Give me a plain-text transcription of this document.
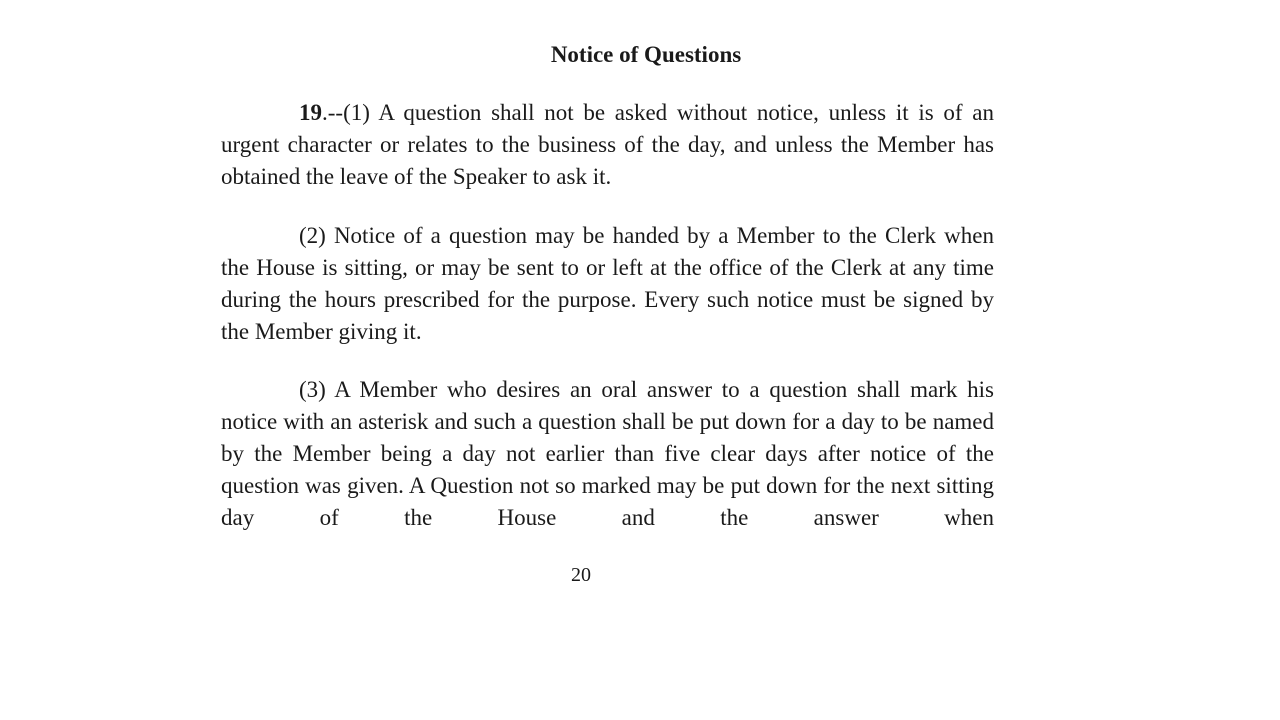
Notice of Questions

19.--(1) A question shall not be asked without notice, unless it is of an urgent character or relates to the business of the day, and unless the Member has obtained the leave of the Speaker to ask it.

(2) Notice of a question may be handed by a Member to the Clerk when the House is sitting, or may be sent to or left at the office of the Clerk at any time during the hours prescribed for the purpose. Every such notice must be signed by the Member giving it.

(3) A Member who desires an oral answer to a question shall mark his notice with an asterisk and such a question shall be put down for a day to be named by the Member being a day not earlier than five clear days after notice of the question was given. A Question not so marked may be put down for the next sitting day of the House and the answer when

20
